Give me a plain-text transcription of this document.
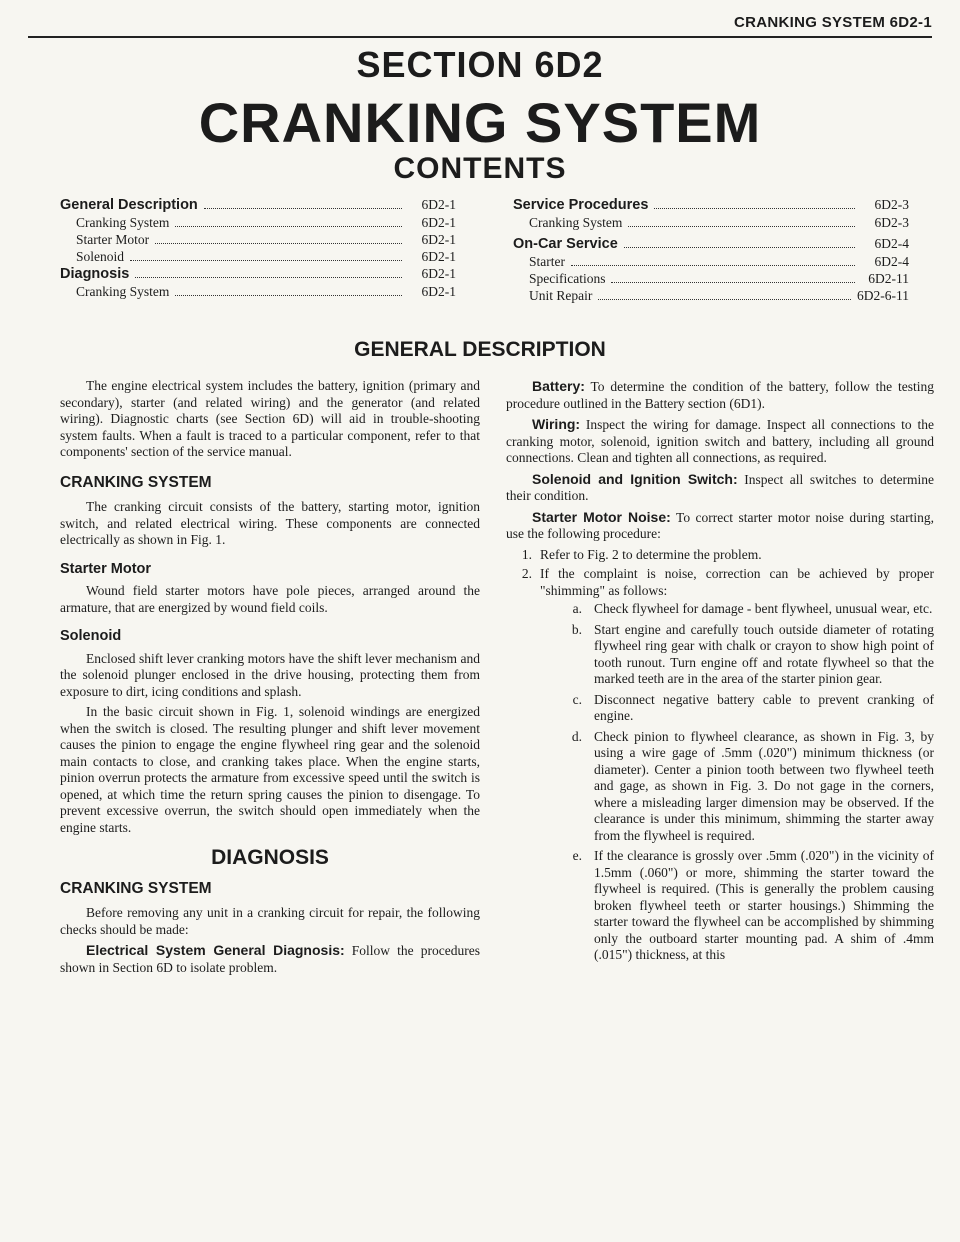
CRANKING SYSTEM 6D2-1
SECTION 6D2
CRANKING SYSTEM
CONTENTS
General Description	6D2-1
Cranking System	6D2-1
Starter Motor	6D2-1
Solenoid	6D2-1
Diagnosis	6D2-1
Cranking System	6D2-1
Service Procedures	6D2-3
Cranking System	6D2-3
On-Car Service	6D2-4
Starter	6D2-4
Specifications	6D2-11
Unit Repair	6D2-6-11
GENERAL DESCRIPTION

The engine electrical system includes the battery, ignition (primary and secondary), starter (and related wiring) and the generator (and related wiring). Diagnostic charts (see Section 6D) will aid in trouble-shooting system faults. When a fault is traced to a particular component, refer to that components' section of the service manual.

CRANKING SYSTEM

The cranking circuit consists of the battery, starting motor, ignition switch, and related electrical wiring. These components are connected electrically as shown in Fig. 1.

Starter Motor

Wound field starter motors have pole pieces, arranged around the armature, that are energized by wound field coils.

Solenoid

Enclosed shift lever cranking motors have the shift lever mechanism and the solenoid plunger enclosed in the drive housing, protecting them from exposure to dirt, icing conditions and splash.

In the basic circuit shown in Fig. 1, solenoid windings are energized when the switch is closed. The resulting plunger and shift lever movement causes the pinion to engage the engine flywheel ring gear and the solenoid main contacts to close, and cranking takes place. When the engine starts, pinion overrun protects the armature from excessive speed until the switch is opened, at which time the return spring causes the pinion to disengage. To prevent excessive overrun, the switch should open immediately when the engine starts.

DIAGNOSIS
CRANKING SYSTEM

Before removing any unit in a cranking circuit for repair, the following checks should be made:

Electrical System General Diagnosis: Follow the procedures shown in Section 6D to isolate problem.

Battery: To determine the condition of the battery, follow the testing procedure outlined in the Battery section (6D1).

Wiring: Inspect the wiring for damage. Inspect all connections to the cranking motor, solenoid, ignition switch and battery, including all ground connections. Clean and tighten all connections, as required.

Solenoid and Ignition Switch: Inspect all switches to determine their condition.

Starter Motor Noise: To correct starter motor noise during starting, use the following procedure:

1. Refer to Fig. 2 to determine the problem.
2. If the complaint is noise, correction can be achieved by proper "shimming" as follows:
a. Check flywheel for damage - bent flywheel, unusual wear, etc.
b. Start engine and carefully touch outside diameter of rotating flywheel ring gear with chalk or crayon to show high point of tooth runout. Turn engine off and rotate flywheel so that the marked teeth are in the area of the starter pinion gear.
c. Disconnect negative battery cable to prevent cranking of engine.
d. Check pinion to flywheel clearance, as shown in Fig. 3, by using a wire gage of .5mm (.020") minimum thickness (or diameter). Center a pinion tooth between two flywheel teeth and gage, as shown in Fig. 3. Do not gage in the corners, where a misleading larger dimension may be observed. If the clearance is under this minimum, shimming the starter away from the flywheel is required.
e. If the clearance is grossly over .5mm (.020") in the vicinity of 1.5mm (.060") or more, shimming the starter toward the flywheel is required. (This is generally the problem causing broken flywheel teeth or starter housings.) Shimming the starter toward the flywheel can be accomplished by shimming only the outboard starter mounting pad. A shim of .4mm (.015") thickness, at this
